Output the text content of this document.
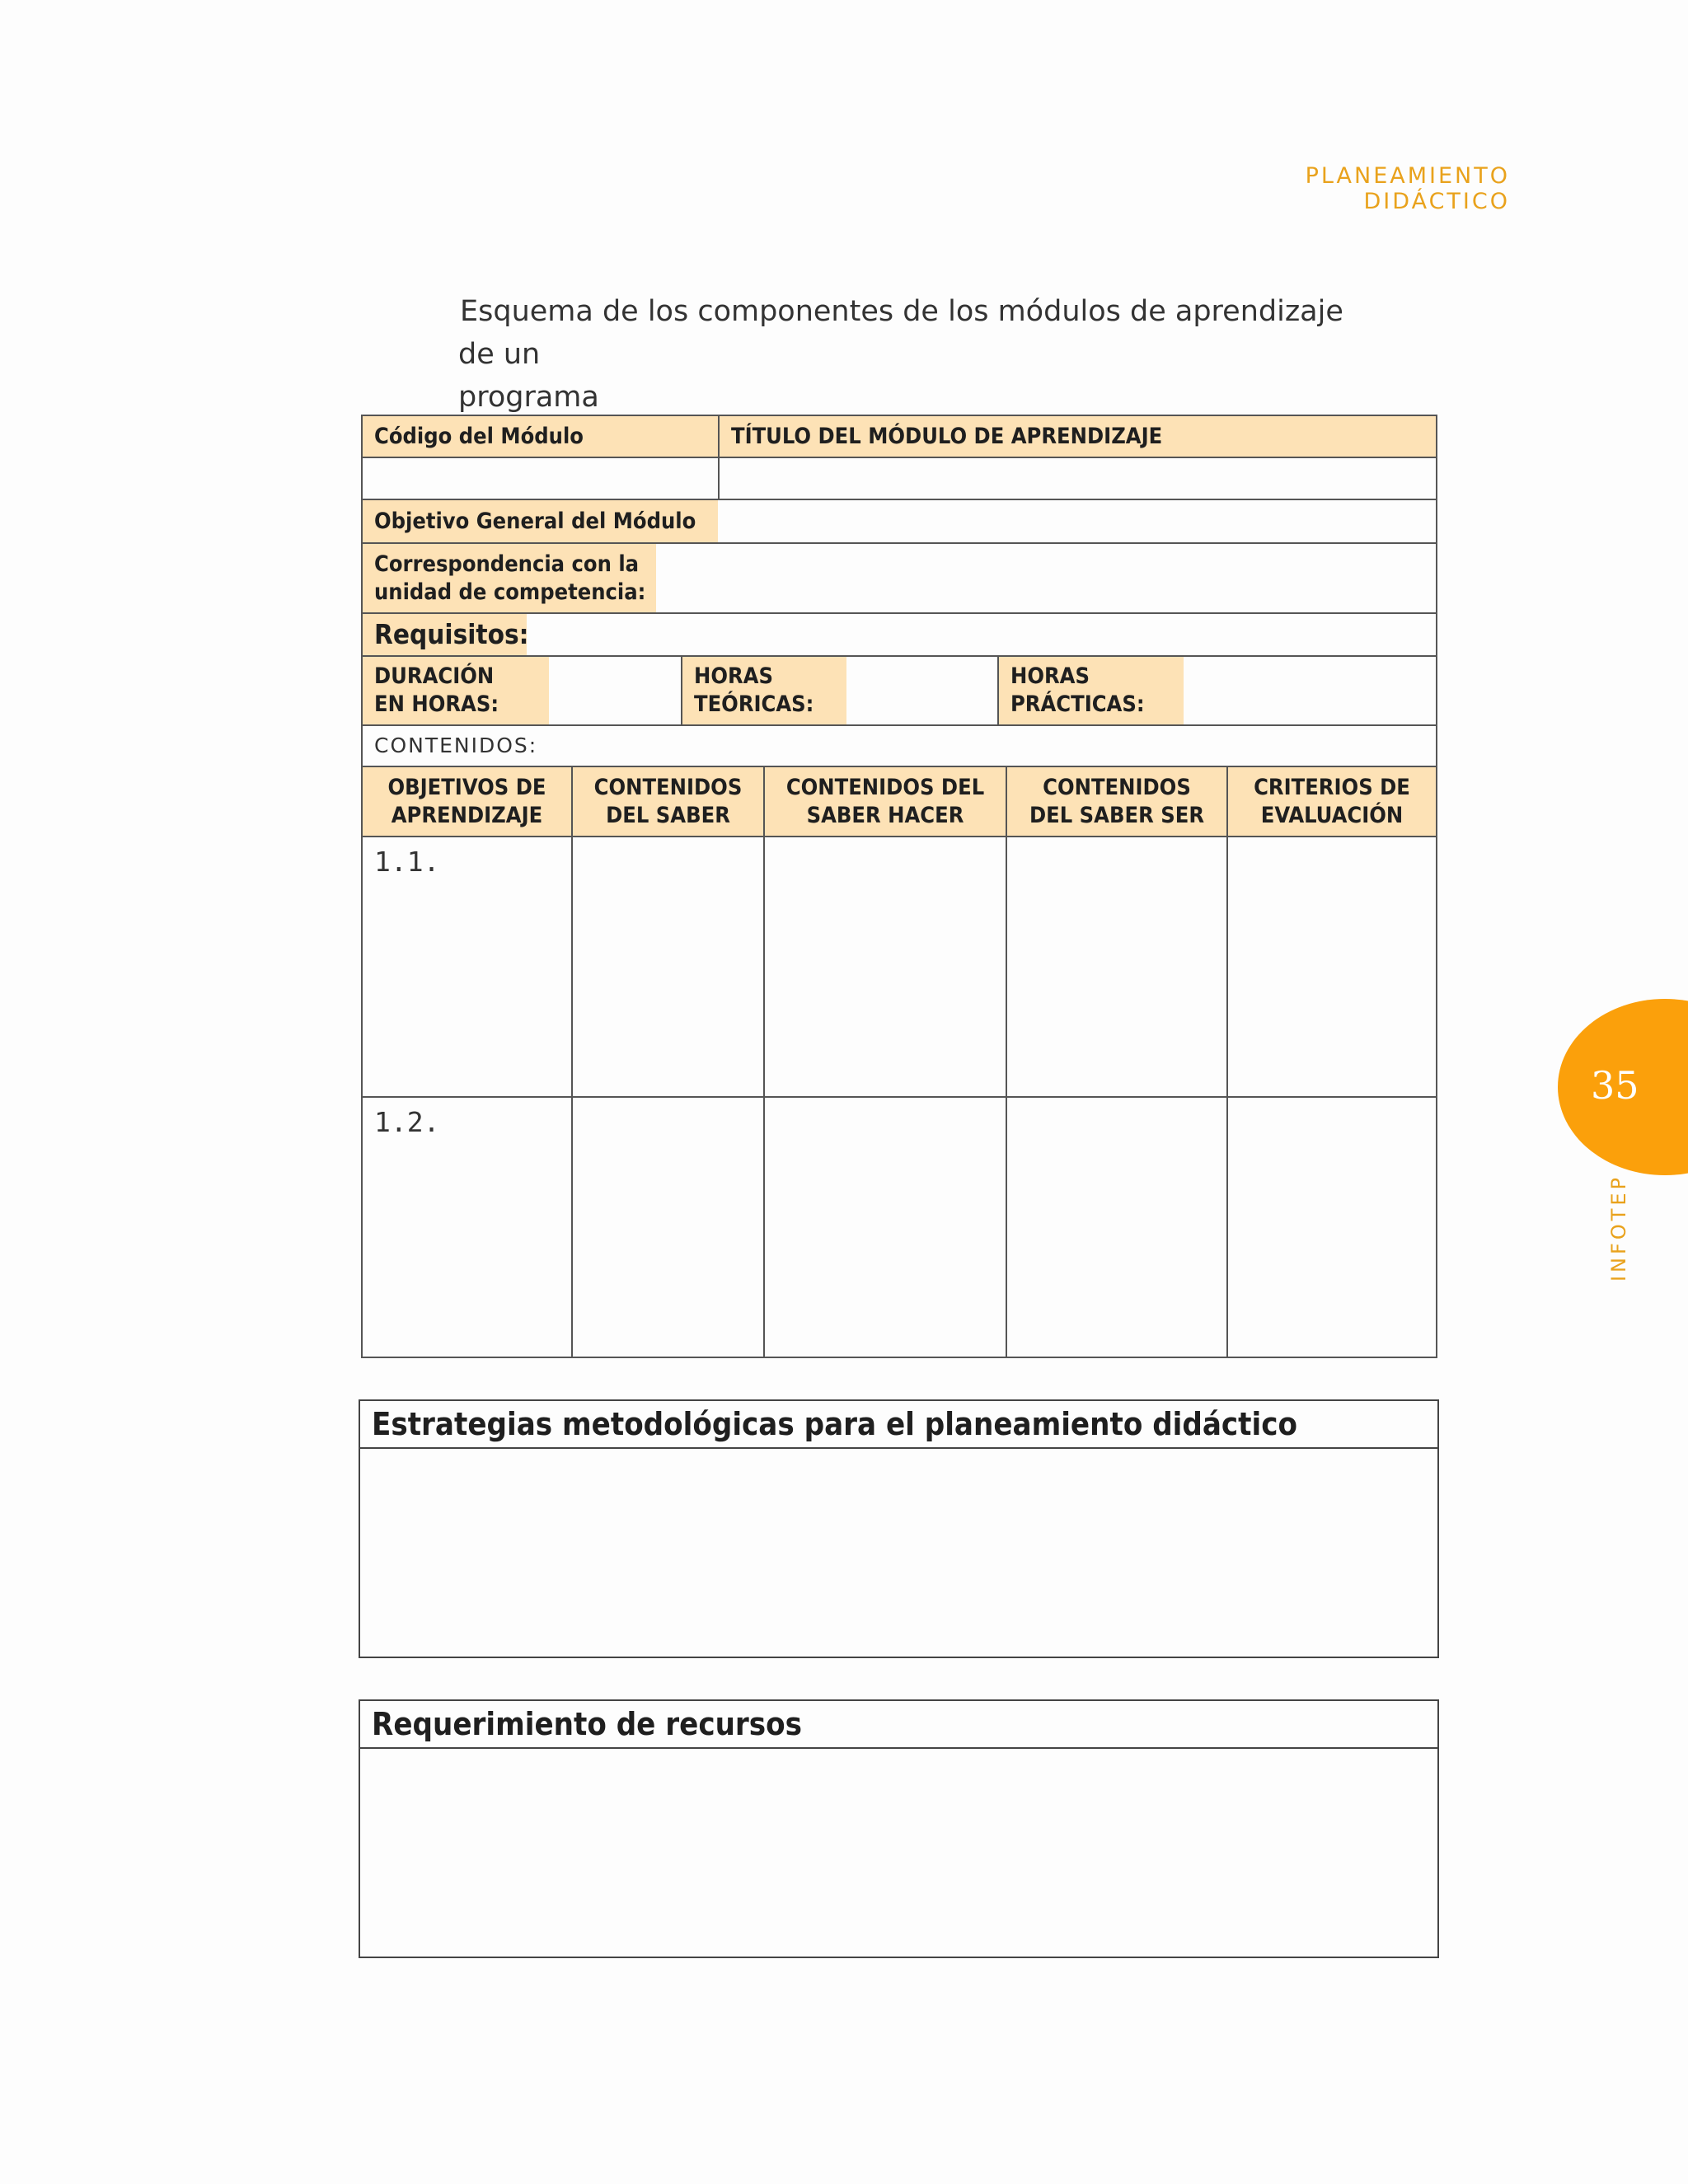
PLANEAMIENTO DIDÁCTICO
Esquema de los componentes de los módulos de aprendizaje de un
programa
Código del Módulo	TÍTULO DEL MÓDULO DE APRENDIZAJE
Objetivo General del Módulo
Correspondencia con la
unidad de competencia:
Requisitos:
DURACIÓN
EN HORAS:
HORAS
TEÓRICAS:
HORAS
PRÁCTICAS:
CONTENIDOS:
OBJETIVOS DE
APRENDIZAJE
CONTENIDOS
DEL SABER
CONTENIDOS DEL
SABER HACER
CONTENIDOS
DEL SABER SER
CRITERIOS DE
EVALUACIÓN
1.1.
1.2.
Estrategias metodológicas para el planeamiento didáctico
Requerimiento de recursos
35
INFOTEP
